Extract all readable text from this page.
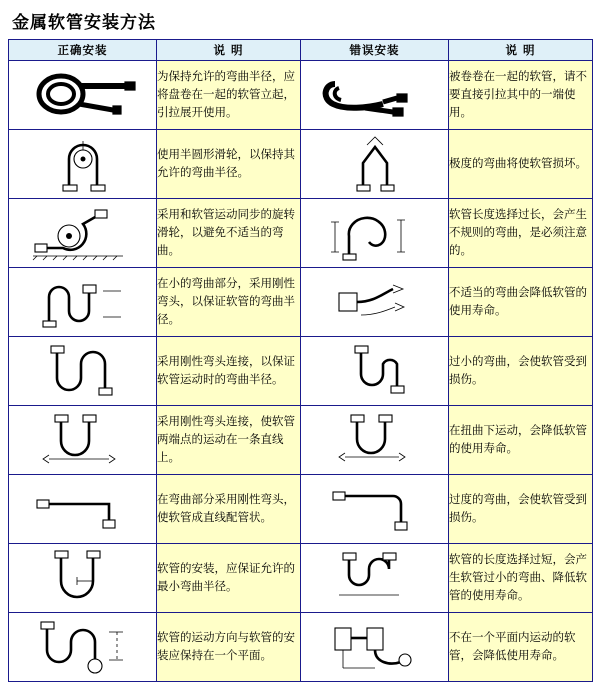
金属软管安装方法
正确安装	说 明	错误安装	说 明

	为保持允许的弯曲半径，应将盘卷在一起的软管立起，引拉展开使用。		被卷卷在一起的软管，请不要直接引拉其中的一端使用。

	使用半圆形滑轮，以保持其允许的弯曲半径。		极度的弯曲将使软管损坏。

	采用和软管运动同步的旋转滑轮，以避免不适当的弯曲。		软管长度选择过长，会产生不规则的弯曲，是必须注意的。

	在小的弯曲部分，采用刚性弯头，以保证软管的弯曲半径。		不适当的弯曲会降低软管的使用寿命。

	采用刚性弯头连接，以保证软管运动时的弯曲半径。		过小的弯曲，会使软管受到损伤。

	采用刚性弯头连接，使软管两端点的运动在一条直线上。		在扭曲下运动，会降低软管的使用寿命。

	在弯曲部分采用刚性弯头，使软管成直线配管状。		过度的弯曲，会使软管受到损伤。

	软管的安装，应保证允许的最小弯曲半径。		软管的长度选择过短，会产生软管过小的弯曲、降低软管的使用寿命。

	软管的运动方向与软管的安装应保持在一个平面。		不在一个平面内运动的软管，会降低使用寿命。
